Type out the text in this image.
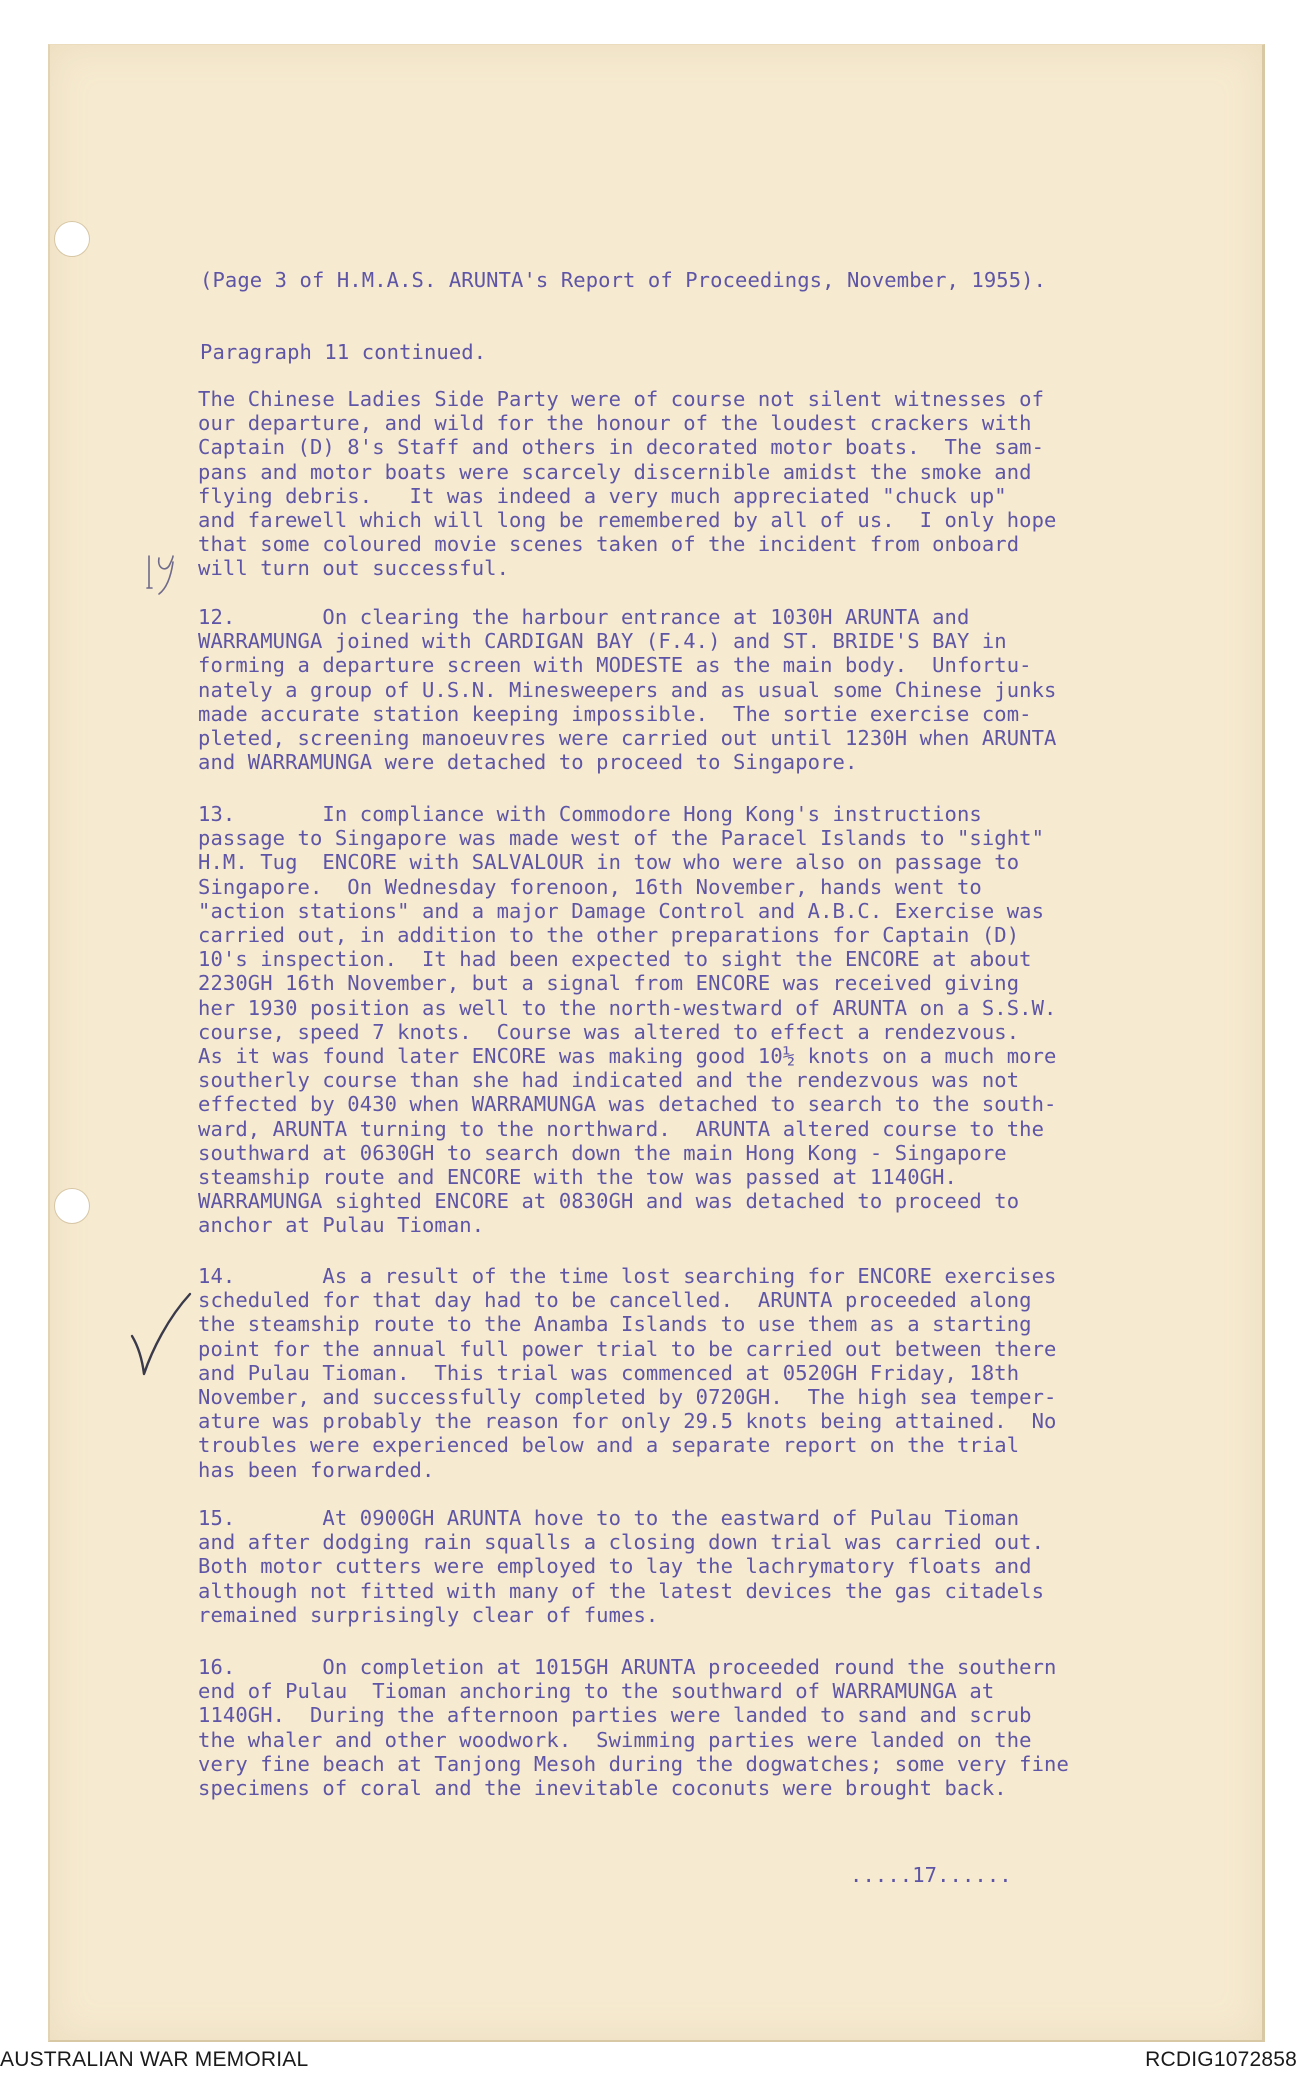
(Page 3 of H.M.A.S. ARUNTA's Report of Proceedings, November, 1955).
Paragraph 11 continued.
The Chinese Ladies Side Party were of course not silent witnesses of
our departure, and wild for the honour of the loudest crackers with
Captain (D) 8's Staff and others in decorated motor boats.  The sam-
pans and motor boats were scarcely discernible amidst the smoke and
flying debris.   It was indeed a very much appreciated "chuck up"
and farewell which will long be remembered by all of us.  I only hope
that some coloured movie scenes taken of the incident from onboard
will turn out successful.
12.       On clearing the harbour entrance at 1030H ARUNTA and
WARRAMUNGA joined with CARDIGAN BAY (F.4.) and ST. BRIDE'S BAY in
forming a departure screen with MODESTE as the main body.  Unfortu-
nately a group of U.S.N. Minesweepers and as usual some Chinese junks
made accurate station keeping impossible.  The sortie exercise com-
pleted, screening manoeuvres were carried out until 1230H when ARUNTA
and WARRAMUNGA were detached to proceed to Singapore.
13.       In compliance with Commodore Hong Kong's instructions
passage to Singapore was made west of the Paracel Islands to "sight"
H.M. Tug  ENCORE with SALVALOUR in tow who were also on passage to
Singapore.  On Wednesday forenoon, 16th November, hands went to
"action stations" and a major Damage Control and A.B.C. Exercise was
carried out, in addition to the other preparations for Captain (D)
10's inspection.  It had been expected to sight the ENCORE at about
2230GH 16th November, but a signal from ENCORE was received giving
her 1930 position as well to the north-westward of ARUNTA on a S.S.W.
course, speed 7 knots.  Course was altered to effect a rendezvous.
As it was found later ENCORE was making good 10½ knots on a much more
southerly course than she had indicated and the rendezvous was not
effected by 0430 when WARRAMUNGA was detached to search to the south-
ward, ARUNTA turning to the northward.  ARUNTA altered course to the
southward at 0630GH to search down the main Hong Kong - Singapore
steamship route and ENCORE with the tow was passed at 1140GH.
WARRAMUNGA sighted ENCORE at 0830GH and was detached to proceed to
anchor at Pulau Tioman.
14.       As a result of the time lost searching for ENCORE exercises
scheduled for that day had to be cancelled.  ARUNTA proceeded along
the steamship route to the Anamba Islands to use them as a starting
point for the annual full power trial to be carried out between there
and Pulau Tioman.  This trial was commenced at 0520GH Friday, 18th
November, and successfully completed by 0720GH.  The high sea temper-
ature was probably the reason for only 29.5 knots being attained.  No
troubles were experienced below and a separate report on the trial
has been forwarded.
15.       At 0900GH ARUNTA hove to to the eastward of Pulau Tioman
and after dodging rain squalls a closing down trial was carried out.
Both motor cutters were employed to lay the lachrymatory floats and
although not fitted with many of the latest devices the gas citadels
remained surprisingly clear of fumes.
16.       On completion at 1015GH ARUNTA proceeded round the southern
end of Pulau  Tioman anchoring to the southward of WARRAMUNGA at
1140GH.  During the afternoon parties were landed to sand and scrub
the whaler and other woodwork.  Swimming parties were landed on the
very fine beach at Tanjong Mesoh during the dogwatches; some very fine
specimens of coral and the inevitable coconuts were brought back.
.....17......
AUSTRALIAN WAR MEMORIAL	RCDIG1072858
